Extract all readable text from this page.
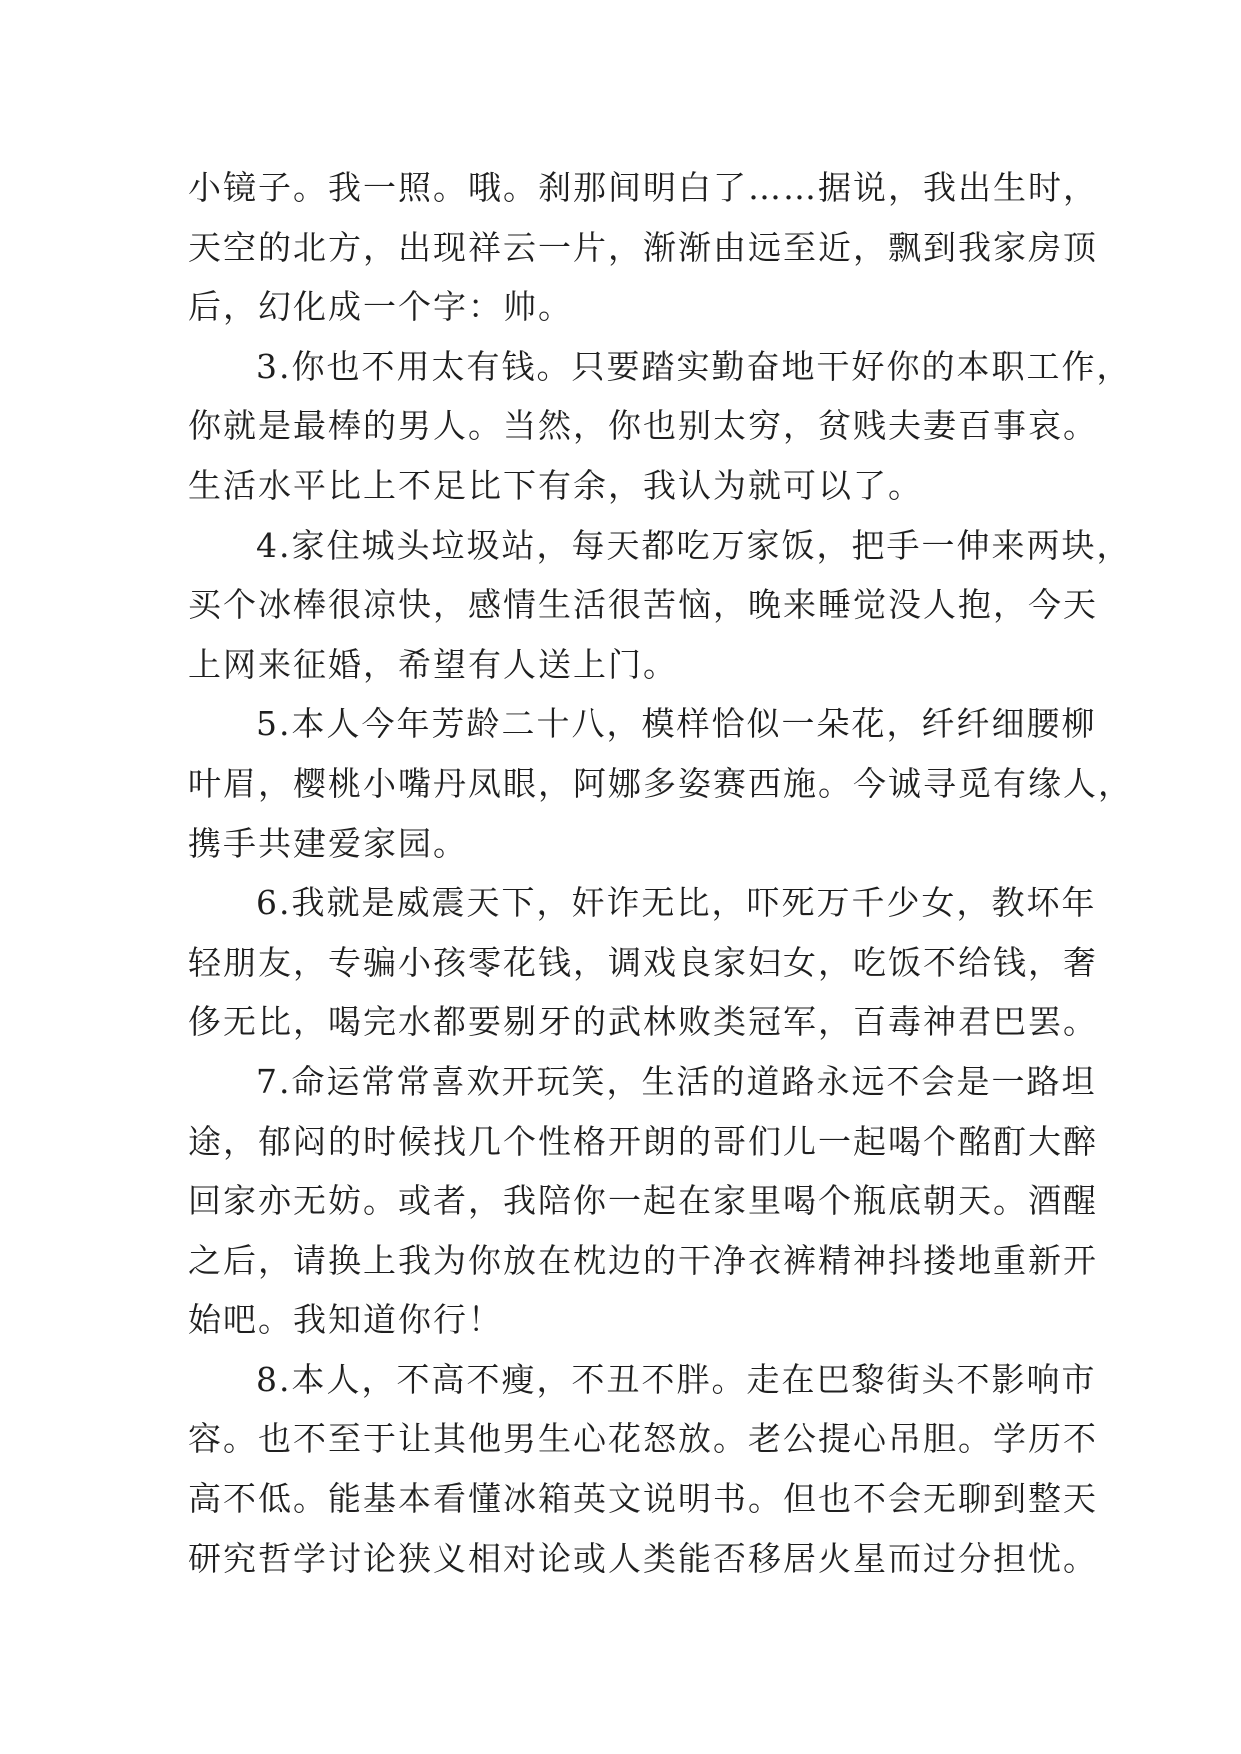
小镜子。我一照。哦。刹那间明白了……据说，我出生时，
天空的北方，出现祥云一片，渐渐由远至近，飘到我家房顶
后，幻化成一个字：帅。
3.你也不用太有钱。只要踏实勤奋地干好你的本职工作，
你就是最棒的男人。当然，你也别太穷，贫贱夫妻百事哀。
生活水平比上不足比下有余，我认为就可以了。
4.家住城头垃圾站，每天都吃万家饭，把手一伸来两块，
买个冰棒很凉快，感情生活很苦恼，晚来睡觉没人抱，今天
上网来征婚，希望有人送上门。
5.本人今年芳龄二十八，模样恰似一朵花，纤纤细腰柳
叶眉，樱桃小嘴丹凤眼，阿娜多姿赛西施。今诚寻觅有缘人，
携手共建爱家园。
6.我就是威震天下，奸诈无比，吓死万千少女，教坏年
轻朋友，专骗小孩零花钱，调戏良家妇女，吃饭不给钱，奢
侈无比，喝完水都要剔牙的武林败类冠军，百毒神君巴罢。
7.命运常常喜欢开玩笑，生活的道路永远不会是一路坦
途，郁闷的时候找几个性格开朗的哥们儿一起喝个酩酊大醉
回家亦无妨。或者，我陪你一起在家里喝个瓶底朝天。酒醒
之后，请换上我为你放在枕边的干净衣裤精神抖搂地重新开
始吧。我知道你行！
8.本人，不高不瘦，不丑不胖。走在巴黎街头不影响市
容。也不至于让其他男生心花怒放。老公提心吊胆。学历不
高不低。能基本看懂冰箱英文说明书。但也不会无聊到整天
研究哲学讨论狭义相对论或人类能否移居火星而过分担忧。
